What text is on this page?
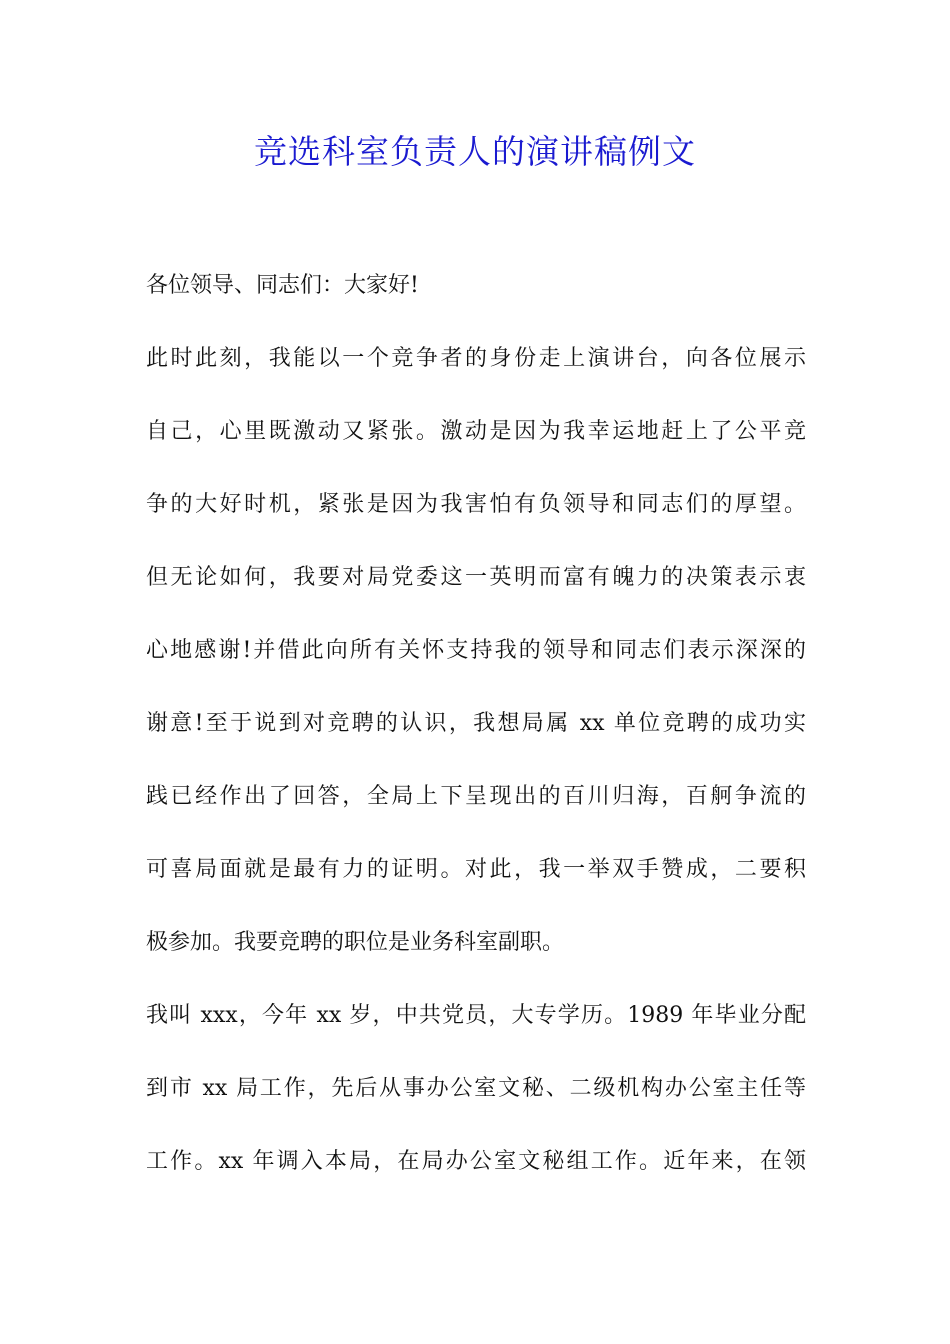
竞选科室负责人的演讲稿例文
各位领导、同志们：大家好!
此时此刻，我能以一个竞争者的身份走上演讲台，向各位展示
自己，心里既激动又紧张。激动是因为我幸运地赶上了公平竞
争的大好时机，紧张是因为我害怕有负领导和同志们的厚望。
但无论如何，我要对局党委这一英明而富有魄力的决策表示衷
心地感谢!并借此向所有关怀支持我的领导和同志们表示深深的
谢意!至于说到对竞聘的认识，我想局属 xx 单位竞聘的成功实
践已经作出了回答，全局上下呈现出的百川归海，百舸争流的
可喜局面就是最有力的证明。对此，我一举双手赞成，二要积
极参加。我要竞聘的职位是业务科室副职。
我叫 xxx，今年 xx 岁，中共党员，大专学历。1989 年毕业分配
到市 xx 局工作，先后从事办公室文秘、二级机构办公室主任等
工作。xx 年调入本局，在局办公室文秘组工作。近年来，在领
